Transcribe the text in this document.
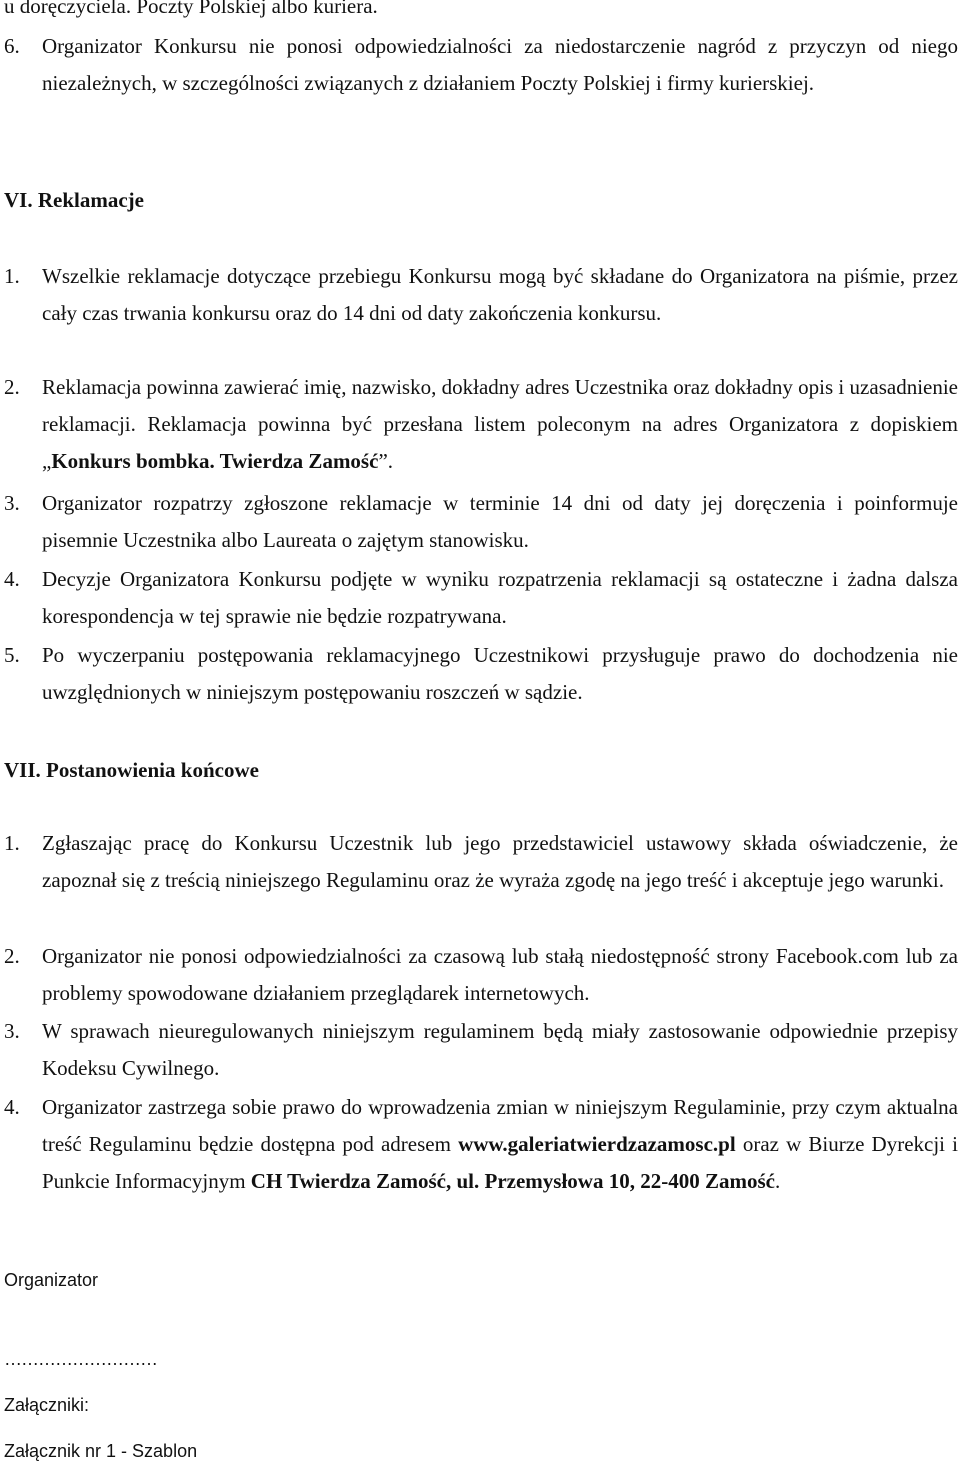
u doręczyciela. Poczty Polskiej albo kuriera.
6. Organizator Konkursu nie ponosi odpowiedzialności za niedostarczenie nagród z przyczyn od niego niezależnych, w szczególności związanych z działaniem Poczty Polskiej i firmy kurierskiej.
VI. Reklamacje
1. Wszelkie reklamacje dotyczące przebiegu Konkursu mogą być składane do Organizatora na piśmie, przez cały czas trwania konkursu oraz do 14 dni od daty zakończenia konkursu.
2. Reklamacja powinna zawierać imię, nazwisko, dokładny adres Uczestnika oraz dokładny opis i uzasadnienie reklamacji. Reklamacja powinna być przesłana listem poleconym na adres Organizatora z dopiskiem „Konkurs bombka. Twierdza Zamość”.
3. Organizator rozpatrzy zgłoszone reklamacje w terminie 14 dni od daty jej doręczenia i poinformuje pisemnie Uczestnika albo Laureata o zajętym stanowisku.
4. Decyzje Organizatora Konkursu podjęte w wyniku rozpatrzenia reklamacji są ostateczne i żadna dalsza korespondencja w tej sprawie nie będzie rozpatrywana.
5. Po wyczerpaniu postępowania reklamacyjnego Uczestnikowi przysługuje prawo do dochodzenia nie uwzględnionych w niniejszym postępowaniu roszczeń w sądzie.
VII. Postanowienia końcowe
1. Zgłaszając pracę do Konkursu Uczestnik lub jego przedstawiciel ustawowy składa oświadczenie, że zapoznał się z treścią niniejszego Regulaminu oraz że wyraża zgodę na jego treść i akceptuje jego warunki.
2. Organizator nie ponosi odpowiedzialności za czasową lub stałą niedostępność strony Facebook.com lub za problemy spowodowane działaniem przeglądarek internetowych.
3. W sprawach nieuregulowanych niniejszym regulaminem będą miały zastosowanie odpowiednie przepisy Kodeksu Cywilnego.
4. Organizator zastrzega sobie prawo do wprowadzenia zmian w niniejszym Regulaminie, przy czym aktualna treść Regulaminu będzie dostępna pod adresem www.galeriatwierdzazamosc.pl oraz w Biurze Dyrekcji i Punkcie Informacyjnym CH Twierdza Zamość, ul. Przemysłowa 10, 22-400 Zamość.
Organizator
………………………
Załączniki:
Załącznik nr 1 - Szablon
